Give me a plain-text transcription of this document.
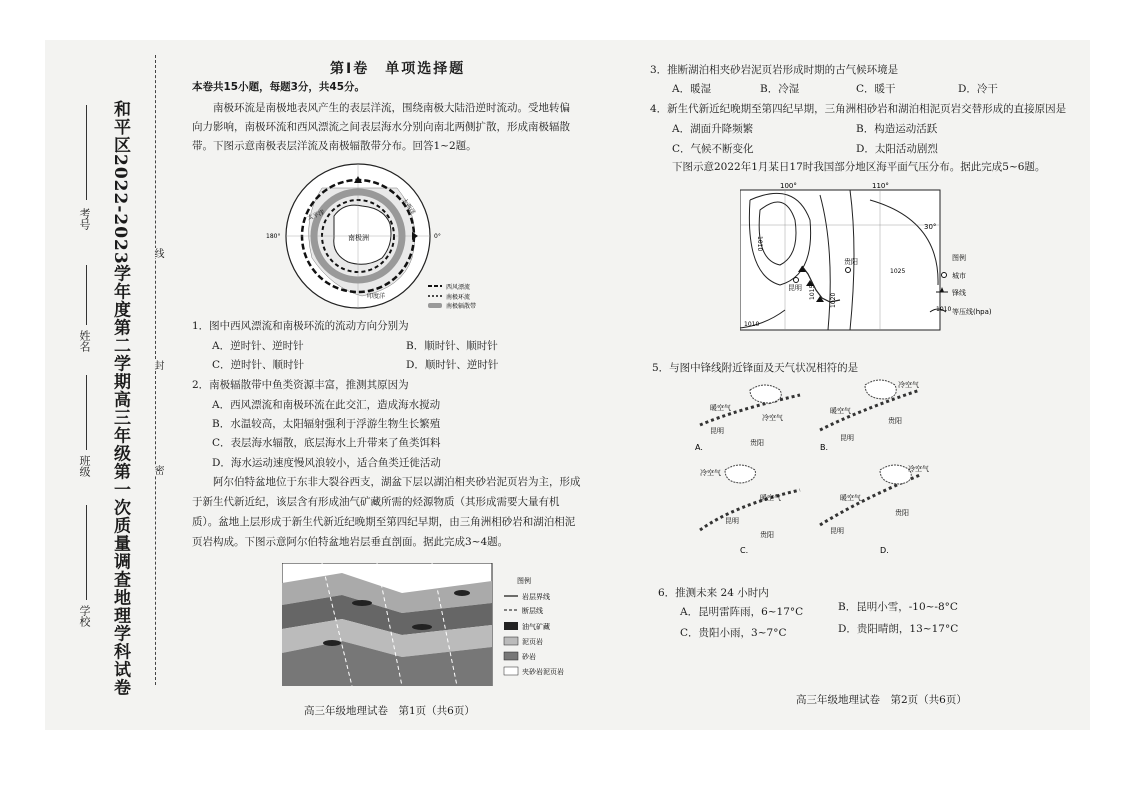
和平区2022-2023学年度第二学期高三年级第一次质量调查地理学科试卷	线
封
密
考号
姓名
班级
学校
第Ⅰ卷　单项选择题
本卷共15小题，每题3分，共45分。
南极环流是南极地表风产生的表层洋流，围绕南极大陆沿逆时流动。受地转偏向力影响，南极环流和西风漂流之间表层海水分别向南北两侧扩散，形成南极辐散带。下图示意南极表层洋流及南极辐散带分布。回答1~2题。
南极洲
太平洋	大西洋
印度洋
180°	0°
西风漂流
南极环流
南极辐散带
1．图中西风漂流和南极环流的流动方向分别为
A．逆时针、逆时针	B．顺时针、顺时针
C．逆时针、顺时针	D．顺时针、逆时针
2．南极辐散带中鱼类资源丰富，推测其原因为
A．西风漂流和南极环流在此交汇，造成海水搅动
B．水温较高，太阳辐射强利于浮游生物生长繁殖
C．表层海水辐散，底层海水上升带来了鱼类饵料
D．海水运动速度慢风浪较小，适合鱼类迁徙活动
阿尔伯特盆地位于东非大裂谷西支，湖盆下层以湖泊相夹砂岩泥页岩为主，形成于新生代新近纪，该层含有形成油气矿藏所需的烃源物质（其形成需要大量有机质）。盆地上层形成于新生代新近纪晚期至第四纪早期，由三角洲相砂岩和湖泊相泥页岩构成。下图示意阿尔伯特盆地岩层垂直剖面。据此完成3~4题。
图例
岩层界线
断层线
油气矿藏
泥页岩
砂岩
夹砂岩泥页岩
高三年级地理试卷　第1页（共6页）
3．推断湖泊相夹砂岩泥页岩形成时期的古气候环境是
A．暖湿	B．冷湿	C．暖干	D．冷干
4．新生代新近纪晚期至第四纪早期，三角洲相砂岩和湖泊相泥页岩交替形成的直接原因是
A．湖面升降频繁	B．构造运动活跃
C．气候不断变化	D．太阳活动剧烈
下图示意2022年1月某日17时我国部分地区海平面气压分布。据此完成5~6题。
100°	110°
30°
昆明
贵阳
1010
1015
1020
1025
1010
1010
图例
城市
锋线
等压线(hpa)
5．与图中锋线附近锋面及天气状况相符的是
暖空气
冷空气
昆明
贵阳
A.
冷空气
暖空气
贵阳
昆明
B.
冷空气
暖空气
昆明
贵阳
C.
冷空气
暖空气
贵阳
昆明
D.
6．推测未来 24 小时内
A．昆明雷阵雨，6~17°C	B．昆明小雪，-10~-8°C
C．贵阳小雨，3~7°C	D．贵阳晴朗，13~17°C
高三年级地理试卷　第2页（共6页）
